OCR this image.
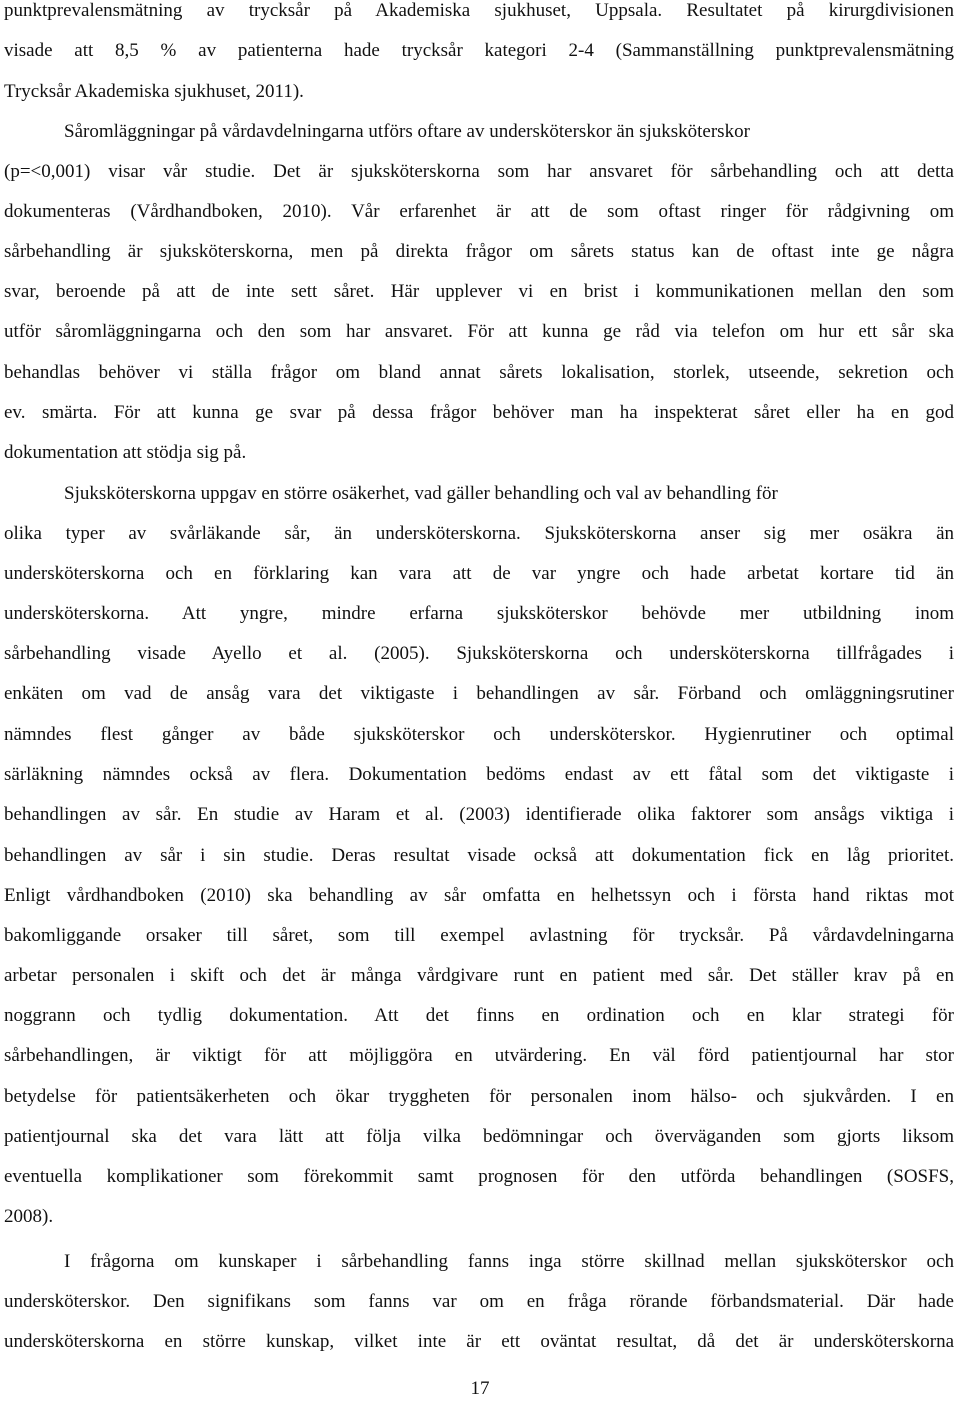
punktprevalensmätning av trycksår på Akademiska sjukhuset, Uppsala. Resultatet på kirurgdivisionen

visade att 8,5 % av patienterna hade trycksår kategori 2-4 (Sammanställning punktprevalensmätning

Trycksår Akademiska sjukhuset, 2011).

Såromläggningar på vårdavdelningarna utförs oftare av undersköterskor än sjuksköterskor

(p=<0,001) visar vår studie. Det är sjuksköterskorna som har ansvaret för sårbehandling och att detta

dokumenteras (Vårdhandboken, 2010). Vår erfarenhet är att de som oftast ringer för rådgivning om

sårbehandling är sjuksköterskorna, men på direkta frågor om sårets status kan de oftast inte ge några

svar, beroende på att de inte sett såret. Här upplever vi en brist i kommunikationen mellan den som

utför såromläggningarna och den som har ansvaret. För att kunna ge råd via telefon om hur ett sår ska

behandlas behöver vi ställa frågor om bland annat sårets lokalisation, storlek, utseende, sekretion och

ev. smärta. För att kunna ge svar på dessa frågor behöver man ha inspekterat såret eller ha en god

dokumentation att stödja sig på.

Sjuksköterskorna uppgav en större osäkerhet, vad gäller behandling och val av behandling för

olika typer av svårläkande sår, än undersköterskorna. Sjuksköterskorna anser sig mer osäkra än

undersköterskorna och en förklaring kan vara att de var yngre och hade arbetat kortare tid än

undersköterskorna. Att yngre, mindre erfarna sjuksköterskor behövde mer utbildning inom

sårbehandling visade Ayello et al. (2005). Sjuksköterskorna och undersköterskorna tillfrågades i

enkäten om vad de ansåg vara det viktigaste i behandlingen av sår. Förband och omläggningsrutiner

nämndes flest gånger av både sjuksköterskor och undersköterskor. Hygienrutiner och optimal

särläkning nämndes också av flera. Dokumentation bedöms endast av ett fåtal som det viktigaste i

behandlingen av sår. En studie av Haram et al. (2003) identifierade olika faktorer som ansågs viktiga i

behandlingen av sår i sin studie. Deras resultat visade också att dokumentation fick en låg prioritet.

Enligt vårdhandboken (2010) ska behandling av sår omfatta en helhetssyn och i första hand riktas mot

bakomliggande orsaker till såret, som till exempel avlastning för trycksår. På vårdavdelningarna

arbetar personalen i skift och det är många vårdgivare runt en patient med sår. Det ställer krav på en

noggrann och tydlig dokumentation. Att det finns en ordination och en klar strategi för

sårbehandlingen, är viktigt för att möjliggöra en utvärdering. En väl förd patientjournal har stor

betydelse för patientsäkerheten och ökar tryggheten för personalen inom hälso- och sjukvården. I en

patientjournal ska det vara lätt att följa vilka bedömningar och överväganden som gjorts liksom

eventuella komplikationer som förekommit samt prognosen för den utförda behandlingen (SOSFS,

2008).

I frågorna om kunskaper i sårbehandling fanns inga större skillnad mellan sjuksköterskor och

undersköterskor. Den signifikans som fanns var om en fråga rörande förbandsmaterial. Där hade

undersköterskorna en större kunskap, vilket inte är ett oväntat resultat, då det är undersköterskorna

17
